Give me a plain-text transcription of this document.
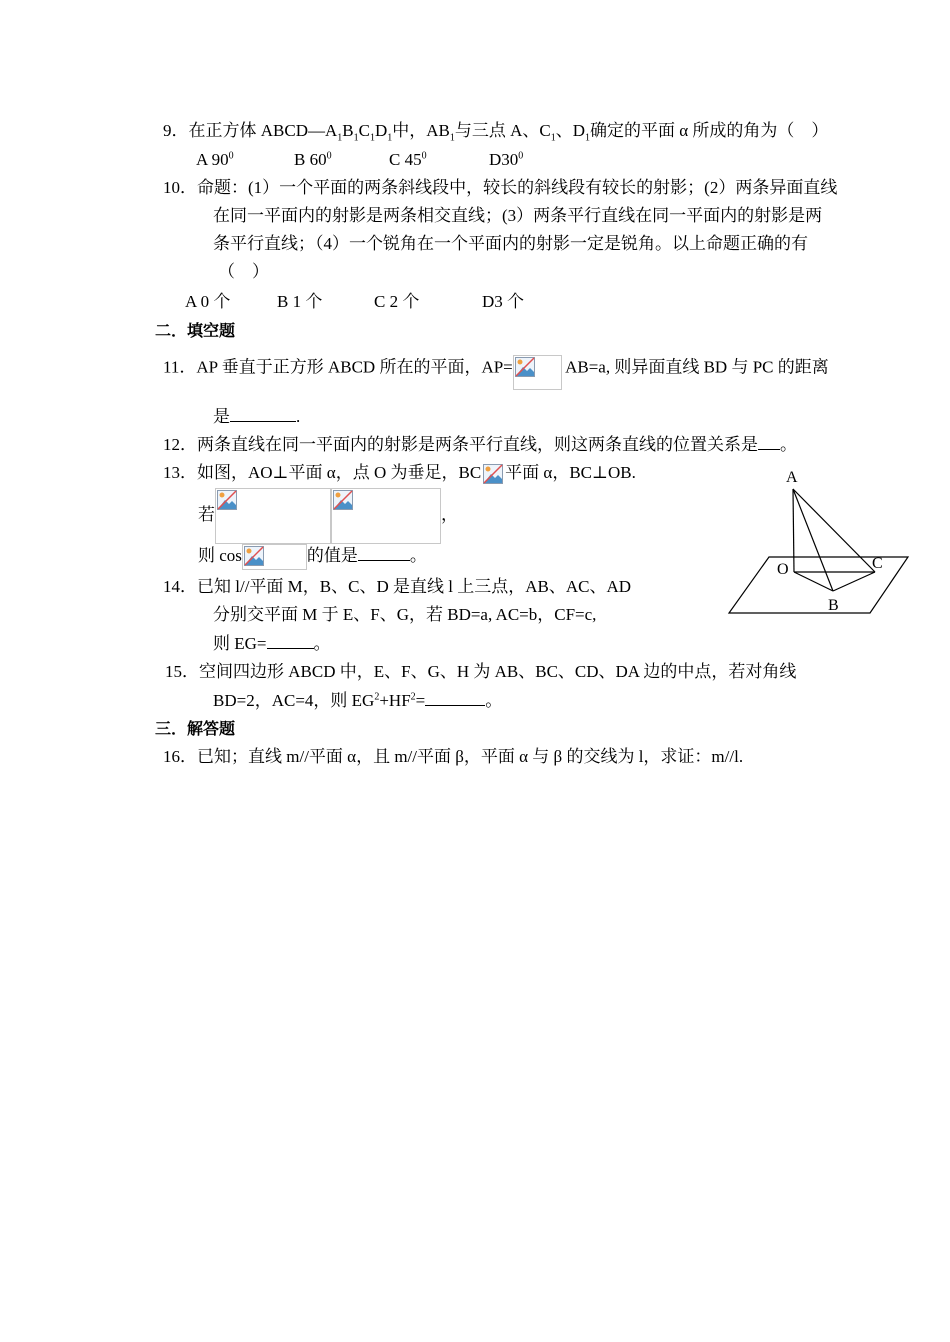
9．在正方体 $ABCD—A_1B_1C_1D_1$中，$AB_1$与三点 A、$C_1$、$D_1$确定的平面 α 所成的角为（　）
A $90^0$	B $60^0$	C $45^0$	$D30^0$
10．命题：(1）一个平面的两条斜线段中，较长的斜线段有较长的射影；(2）两条异面直线
在同一平面内的射影是两条相交直线；(3）两条平行直线在同一平面内的射影是两
条平行直线；（4）一个锐角在一个平面内的射影一定是锐角。以上命题正确的有
（　）
A 0 个	B 1 个	C 2 个	D3 个
二．填空题
11．AP 垂直于正方形 ABCD 所在的平面，AP=	AB=a, 则异面直线 BD 与 PC 的距离
是	.
12．两条直线在同一平面内的射影是两条平行直线，则这两条直线的位置关系是 。
13．如图，AO⊥平面 α，点 O 为垂足，BC 平面 α，BC⊥OB.
若	，
则 cos	的值是	。
14．已知 l//平面 M，B、C、D 是直线 l 上三点，AB、AC、AD
分别交平面 M 于 E、F、G，若 BD=a, AC=b，CF=c,
则 EG=	。
15．空间四边形 ABCD 中，E、F、G、H 为 AB、BC、CD、DA 边的中点，若对角线
BD=2，AC=4，则 $EG^2+HF^2=$	。
三．解答题
16．已知；直线 m//平面 α，且 m//平面 β，平面 α 与 β 的交线为 l，求证：m//l.
A
O
B
C
